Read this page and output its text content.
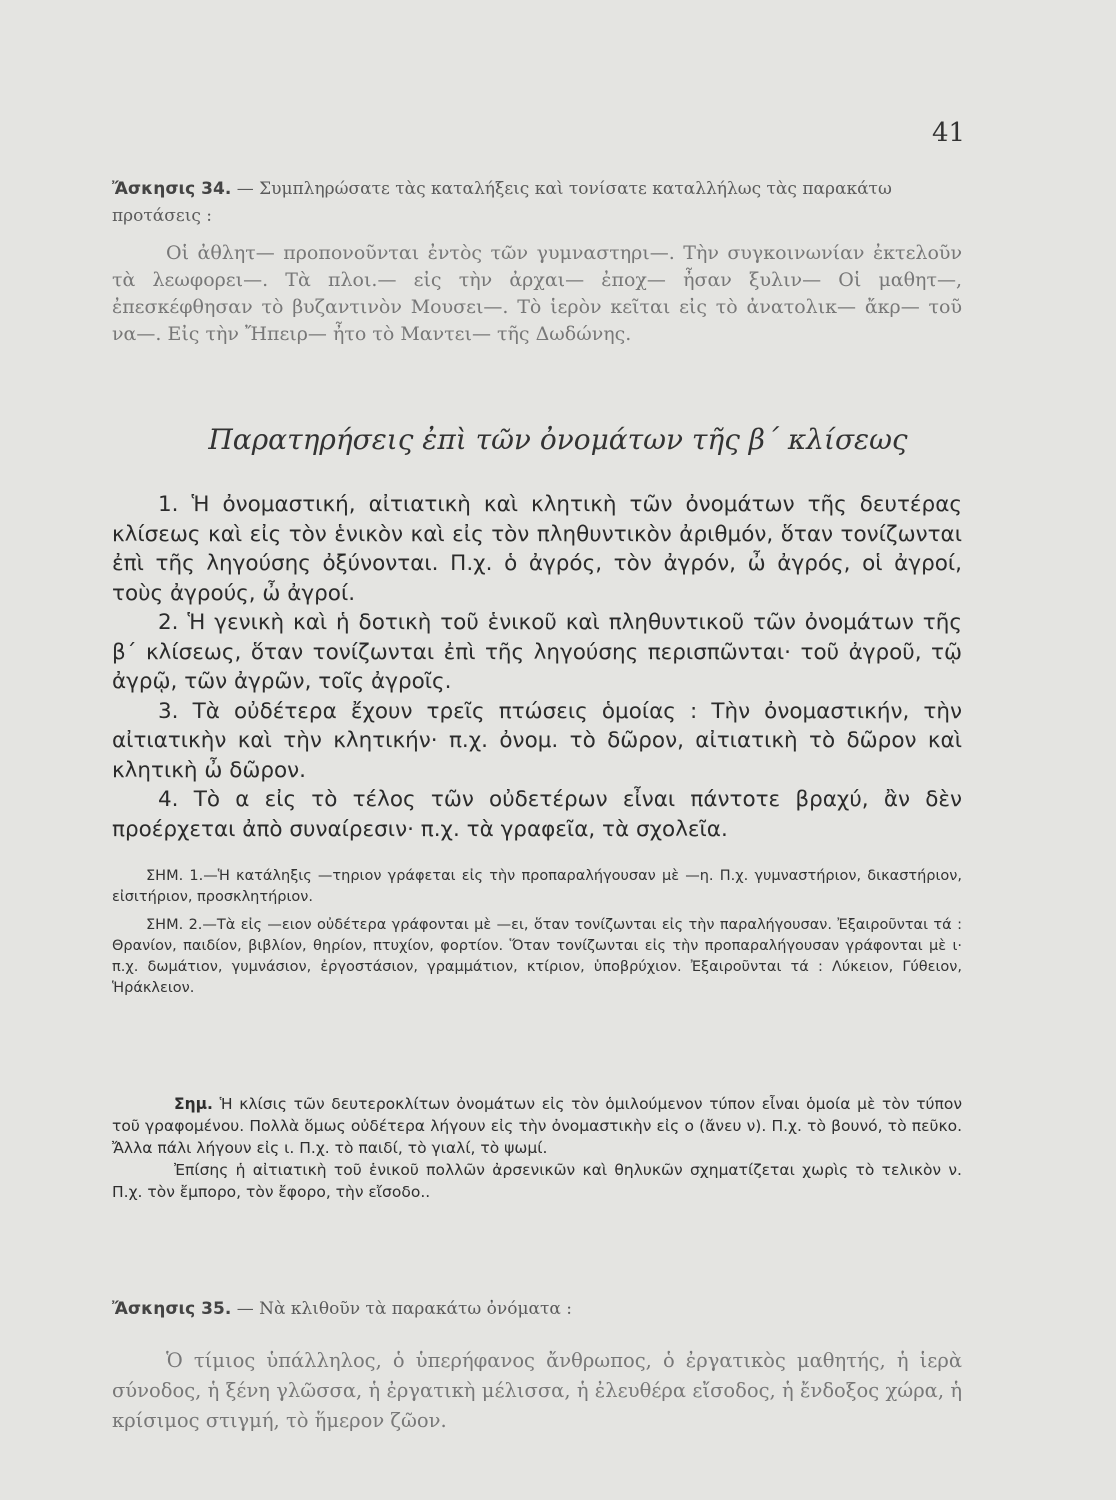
41
Ἄσκησις 34. — Συμπληρώσατε τὰς καταλήξεις καὶ τονίσατε καταλλήλως τὰς παρακάτω προτάσεις :

Οἱ ἀθλητ— προπονοῦνται ἐντὸς τῶν γυμναστηρι—. Τὴν συγκοινωνίαν ἐκτελοῦν τὰ λεωφορει—. Τὰ πλοι.— εἰς τὴν ἀρχαι— ἐποχ— ἦσαν ξυλιν— Οἱ μαθητ—, ἐπεσκέφθησαν τὸ βυζαντινὸν Μουσει—. Τὸ ἱερὸν κεῖται εἰς τὸ ἀνατολικ— ἄκρ— τοῦ να—. Εἰς τὴν Ἤπειρ— ἦτο τὸ Μαντει— τῆς Δωδώνης.

Παρατηρήσεις ἐπὶ τῶν ὀνομάτων τῆς β΄ κλίσεως

1. Ἡ ὀνομαστική, αἰτιατικὴ καὶ κλητικὴ τῶν ὀνομάτων τῆς δευτέρας κλίσεως καὶ εἰς τὸν ἑνικὸν καὶ εἰς τὸν πληθυντικὸν ἀριθμόν, ὅταν τονίζωνται ἐπὶ τῆς ληγούσης ὀξύνονται. Π.χ. ὁ ἀγρός, τὸν ἀγρόν, ὦ ἀγρός, οἱ ἀγροί, τοὺς ἀγρούς, ὦ ἀγροί.

2. Ἡ γενικὴ καὶ ἡ δοτικὴ τοῦ ἑνικοῦ καὶ πληθυντικοῦ τῶν ὀνομάτων τῆς β΄ κλίσεως, ὅταν τονίζωνται ἐπὶ τῆς ληγούσης περισπῶνται· τοῦ ἀγροῦ, τῷ ἀγρῷ, τῶν ἀγρῶν, τοῖς ἀγροῖς.

3. Τὰ οὐδέτερα ἔχουν τρεῖς πτώσεις ὁμοίας : Τὴν ὀνομαστικήν, τὴν αἰτιατικὴν καὶ τὴν κλητικήν· π.χ. ὀνομ. τὸ δῶρον, αἰτιατικὴ τὸ δῶρον καὶ κλητικὴ ὦ δῶρον.

4. Τὸ α εἰς τὸ τέλος τῶν οὐδετέρων εἶναι πάντοτε βραχύ, ἂν δὲν προέρχεται ἀπὸ συναίρεσιν· π.χ. τὰ γραφεῖα, τὰ σχολεῖα.

ΣΗΜ. 1.—Ἡ κατάληξις —τηριον γράφεται εἰς τὴν προπαραλήγουσαν μὲ —η. Π.χ. γυμναστήριον, δικαστήριον, εἰσιτήριον, προσκλητήριον.

ΣΗΜ. 2.—Τὰ εἰς —ειον οὐδέτερα γράφονται μὲ —ει, ὅταν τονίζωνται εἰς τὴν παραλήγουσαν. Ἐξαιροῦνται τά : Θρανίον, παιδίον, βιβλίον, θηρίον, πτυχίον, φορτίον. Ὅταν τονίζωνται εἰς τὴν προπαραλήγουσαν γράφονται μὲ ι· π.χ. δωμάτιον, γυμνάσιον, ἐργοστάσιον, γραμμάτιον, κτίριον, ὑποβρύχιον. Ἐξαιροῦνται τά : Λύκειον, Γύθειον, Ἡράκλειον.

Σημ. Ἡ κλίσις τῶν δευτεροκλίτων ὀνομάτων εἰς τὸν ὁμιλούμενον τύπον εἶναι ὁμοία μὲ τὸν τύπον τοῦ γραφομένου. Πολλὰ ὅμως οὐδέτερα λήγουν εἰς τὴν ὀνομαστικὴν εἰς ο (ἄνευ ν). Π.χ. τὸ βουνό, τὸ πεῦκο. Ἄλλα πάλι λήγουν εἰς ι. Π.χ. τὸ παιδί, τὸ γιαλί, τὸ ψωμί.

Ἐπίσης ἡ αἰτιατικὴ τοῦ ἑνικοῦ πολλῶν ἀρσενικῶν καὶ θηλυκῶν σχηματίζεται χωρὶς τὸ τελικὸν ν. Π.χ. τὸν ἔμπορο, τὸν ἔφορο, τὴν εἴσοδο..

Ἄσκησις 35. — Νὰ κλιθοῦν τὰ παρακάτω ὀνόματα :

Ὁ τίμιος ὑπάλληλος, ὁ ὑπερήφανος ἄνθρωπος, ὁ ἐργατικὸς μαθητής, ἡ ἱερὰ σύνοδος, ἡ ξένη γλῶσσα, ἡ ἐργατικὴ μέλισσα, ἡ ἐλευθέρα εἴσοδος, ἡ ἔνδοξος χώρα, ἡ κρίσιμος στιγμή, τὸ ἥμερον ζῶον.
